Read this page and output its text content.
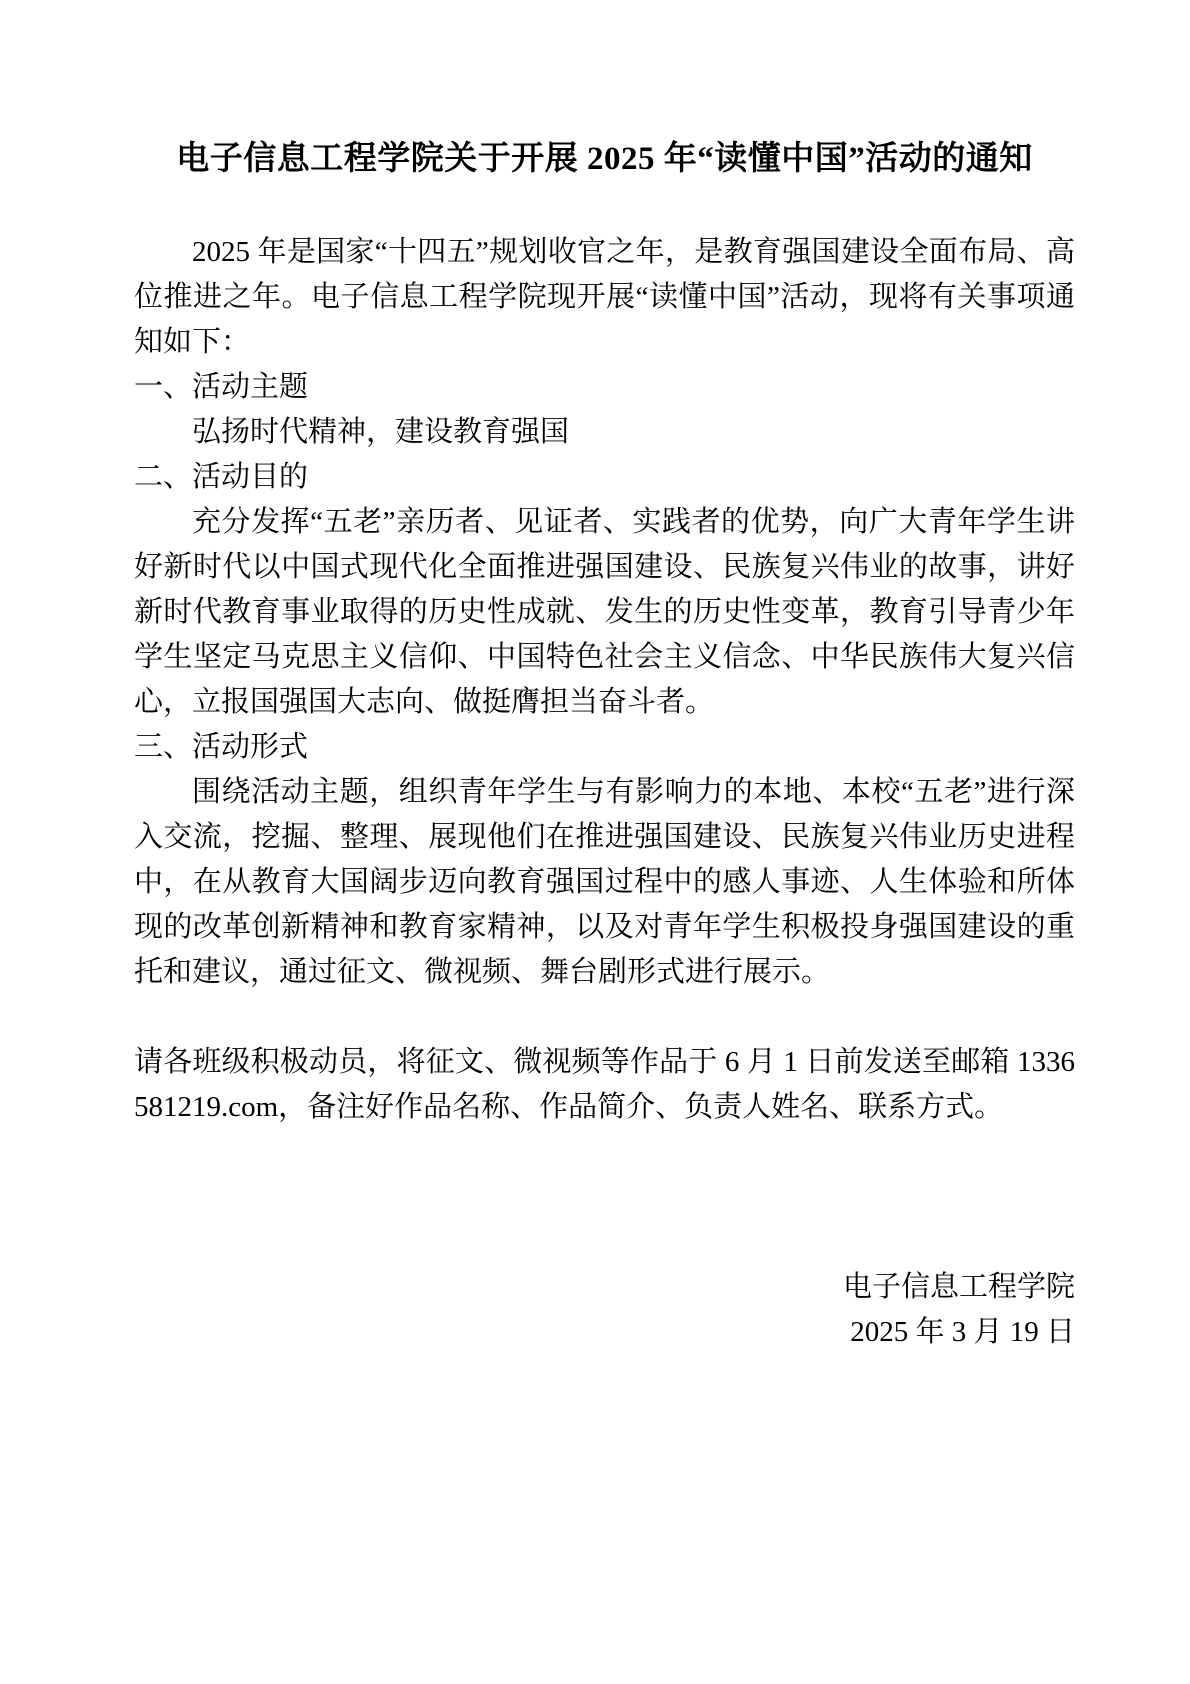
电子信息工程学院关于开展 2025 年“读懂中国”活动的通知

2025 年是国家“十四五”规划收官之年，是教育强国建设全面布局、高位推进之年。电子信息工程学院现开展“读懂中国”活动，现将有关事项通知如下：

一、活动主题

弘扬时代精神，建设教育强国

二、活动目的

充分发挥“五老”亲历者、见证者、实践者的优势，向广大青年学生讲好新时代以中国式现代化全面推进强国建设、民族复兴伟业的故事，讲好新时代教育事业取得的历史性成就、发生的历史性变革，教育引导青少年学生坚定马克思主义信仰、中国特色社会主义信念、中华民族伟大复兴信心，立报国强国大志向、做挺膺担当奋斗者。

三、活动形式

围绕活动主题，组织青年学生与有影响力的本地、本校“五老”进行深入交流，挖掘、整理、展现他们在推进强国建设、民族复兴伟业历史进程中，在从教育大国阔步迈向教育强国过程中的感人事迹、人生体验和所体现的改革创新精神和教育家精神，以及对青年学生积极投身强国建设的重托和建议，通过征文、微视频、舞台剧形式进行展示。

请各班级积极动员，将征文、微视频等作品于 6 月 1 日前发送至邮箱 1336581219.com，备注好作品名称、作品简介、负责人姓名、联系方式。

电子信息工程学院

2025 年 3 月 19 日
